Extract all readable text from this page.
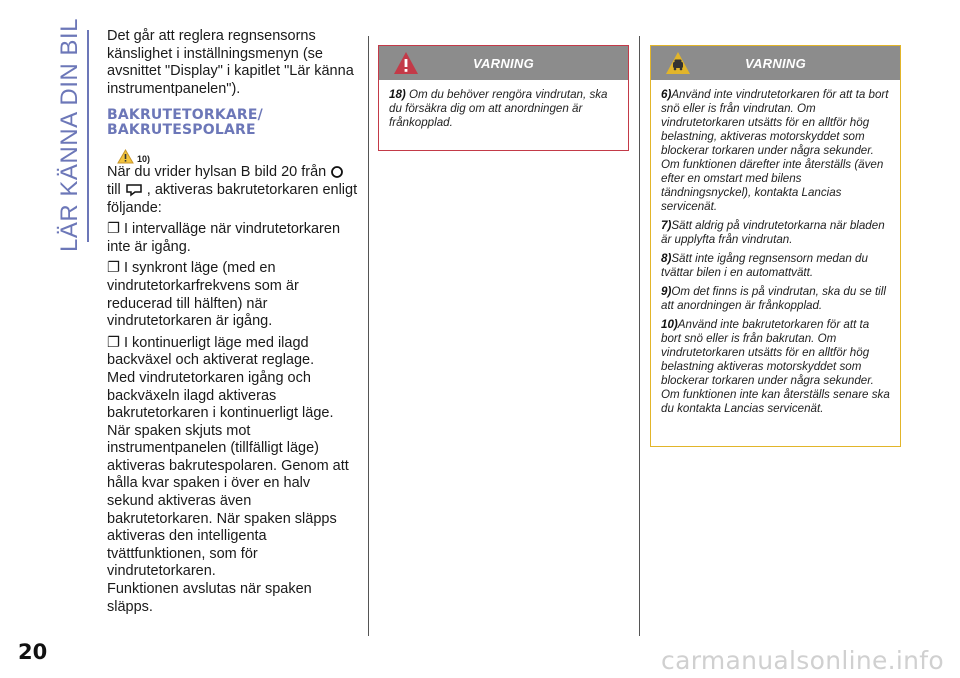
LÄR KÄNNA DIN BIL Det går att reglera regnsensorns känslighet i inställningsmenyn (se avsnittet "Display" i kapitlet "Lär känna instrumentpanelen").

BAKRUTETORKARE/
BAKRUTESPOLARE
10)

När du vrider hylsan B bild 20 från  till , aktiveras bakrutetorkaren enligt följande:

❐ I intervalläge när vindrutetorkaren inte är igång.

❐ I synkront läge (med en vindrutetorkarfrekvens som är reducerad till hälften) när vindrutetorkaren är igång.

❐ I kontinuerligt läge med ilagd backväxel och aktiverat reglage.

Med vindrutetorkaren igång och backväxeln ilagd aktiveras bakrutetorkaren i kontinuerligt läge.

När spaken skjuts mot instrumentpanelen (tillfälligt läge) aktiveras bakrutespolaren. Genom att hålla kvar spaken i över en halv sekund aktiveras även bakrutetorkaren. När spaken släpps aktiveras den intelligenta tvättfunktionen, som för vindrutetorkaren.

Funktionen avslutas när spaken släpps.

VARNING

18) Om du behöver rengöra vindrutan, ska du försäkra dig om att anordningen är frånkopplad.

VARNING

6)Använd inte vindrutetorkaren för att ta bort snö eller is från vindrutan. Om vindrutetorkaren utsätts för en alltför hög belastning, aktiveras motorskyddet som blockerar torkaren under några sekunder. Om funktionen därefter inte återställs (även efter en omstart med bilens tändningsnyckel), kontakta Lancias servicenät.

7)Sätt aldrig på vindrutetorkarna när bladen är upplyfta från vindrutan.

8)Sätt inte igång regnsensorn medan du tvättar bilen i en automattvätt.

9)Om det finns is på vindrutan, ska du se till att anordningen är frånkopplad.

10)Använd inte bakrutetorkaren för att ta bort snö eller is från bakrutan. Om vindrutetorkaren utsätts för en alltför hög belastning aktiveras motorskyddet som blockerar torkaren under några sekunder. Om funktionen inte kan återställs senare ska du kontakta Lancias servicenät.

20	carmanualsonline.info
